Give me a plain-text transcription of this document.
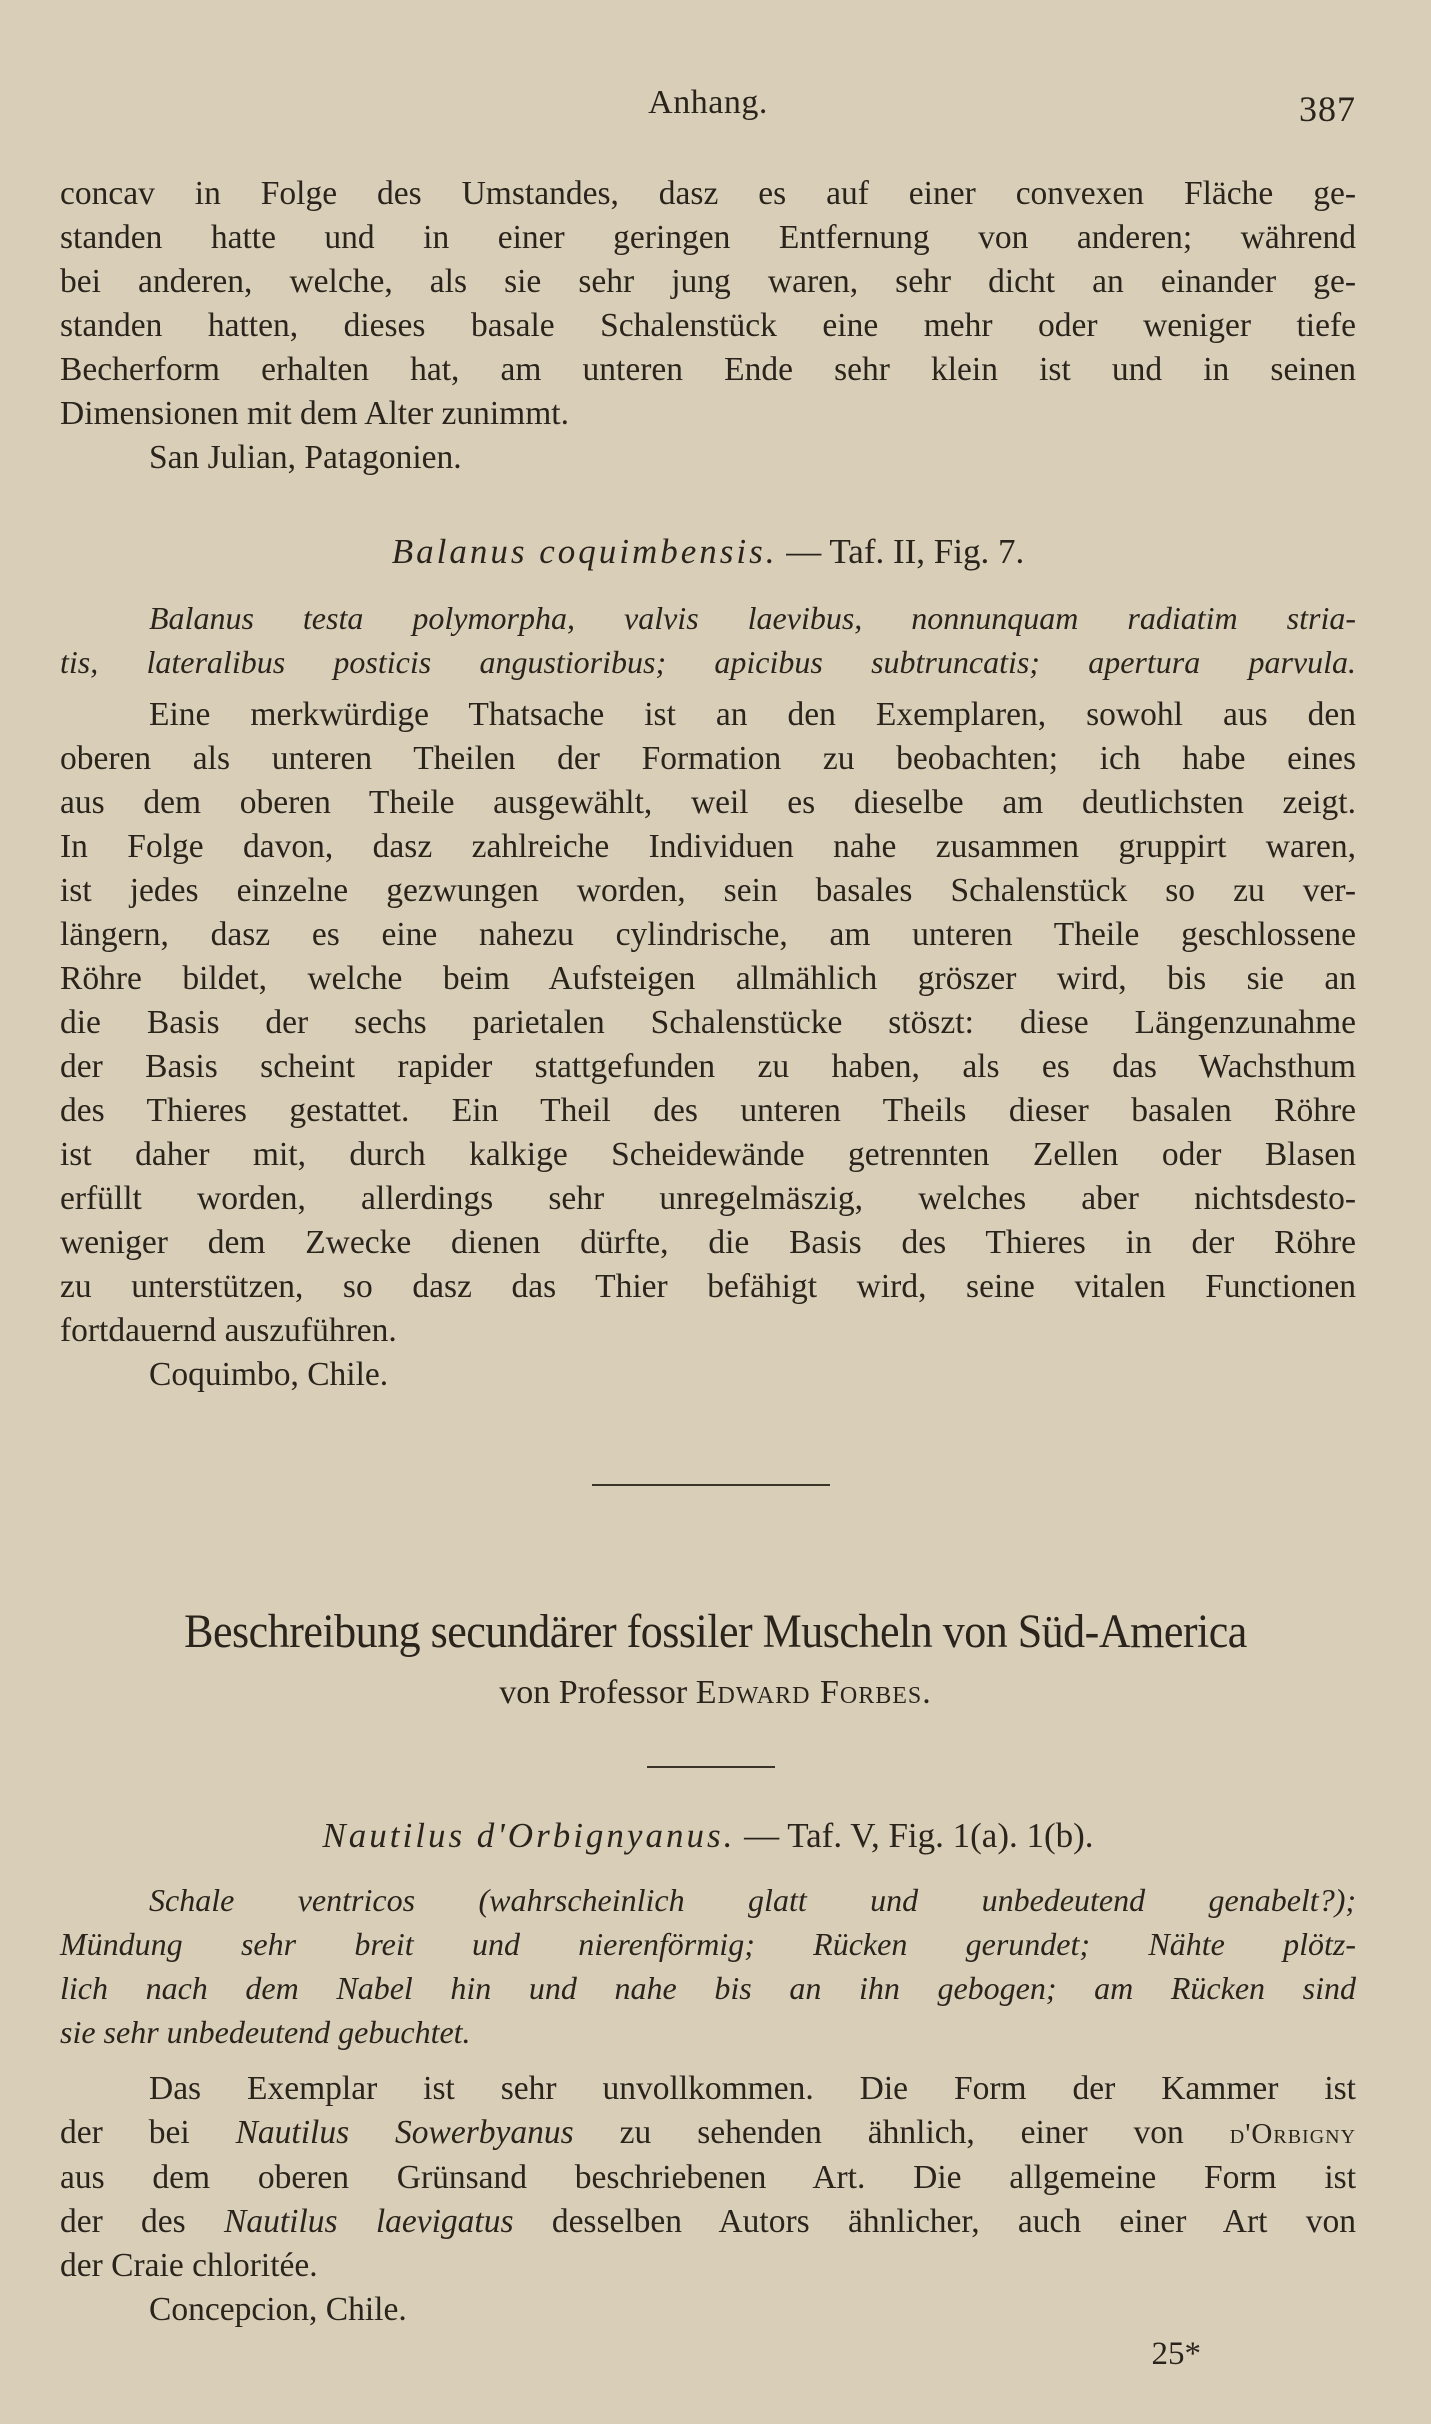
Anhang.	387

concav in Folge des Umstandes, dasz es auf einer convexen Fläche ge-

standen hatte und in einer geringen Entfernung von anderen; während

bei anderen, welche, als sie sehr jung waren, sehr dicht an einander ge-

standen hatten, dieses basale Schalenstück eine mehr oder weniger tiefe

Becherform erhalten hat, am unteren Ende sehr klein ist und in seinen

Dimensionen mit dem Alter zunimmt.

San Julian, Patagonien.

Balanus coquimbensis. — Taf. II, Fig. 7.

Balanus testa polymorpha, valvis laevibus, nonnunquam radiatim stria-

tis, lateralibus posticis angustioribus; apicibus subtruncatis; apertura parvula.

Eine merkwürdige Thatsache ist an den Exemplaren, sowohl aus den

oberen als unteren Theilen der Formation zu beobachten; ich habe eines

aus dem oberen Theile ausgewählt, weil es dieselbe am deutlichsten zeigt.

In Folge davon, dasz zahlreiche Individuen nahe zusammen gruppirt waren,

ist jedes einzelne gezwungen worden, sein basales Schalenstück so zu ver-

längern, dasz es eine nahezu cylindrische, am unteren Theile geschlossene

Röhre bildet, welche beim Aufsteigen allmählich gröszer wird, bis sie an

die Basis der sechs parietalen Schalenstücke stöszt: diese Längenzunahme

der Basis scheint rapider stattgefunden zu haben, als es das Wachsthum

des Thieres gestattet. Ein Theil des unteren Theils dieser basalen Röhre

ist daher mit, durch kalkige Scheidewände getrennten Zellen oder Blasen

erfüllt worden, allerdings sehr unregelmäszig, welches aber nichtsdesto-

weniger dem Zwecke dienen dürfte, die Basis des Thieres in der Röhre

zu unterstützen, so dasz das Thier befähigt wird, seine vitalen Functionen

fortdauernd auszuführen.

Coquimbo, Chile.

Beschreibung secundärer fossiler Muscheln von Süd-America
von Professor Edward Forbes.

Nautilus d'Orbignyanus. — Taf. V, Fig. 1(a). 1(b).

Schale ventricos (wahrscheinlich glatt und unbedeutend genabelt?);

Mündung sehr breit und nierenförmig; Rücken gerundet; Nähte plötz-

lich nach dem Nabel hin und nahe bis an ihn gebogen; am Rücken sind

sie sehr unbedeutend gebuchtet.

Das Exemplar ist sehr unvollkommen. Die Form der Kammer ist

der bei Nautilus Sowerbyanus zu sehenden ähnlich, einer von d'Orbigny

aus dem oberen Grünsand beschriebenen Art. Die allgemeine Form ist

der des Nautilus laevigatus desselben Autors ähnlicher, auch einer Art von

der Craie chloritée.

Concepcion, Chile.

25*
